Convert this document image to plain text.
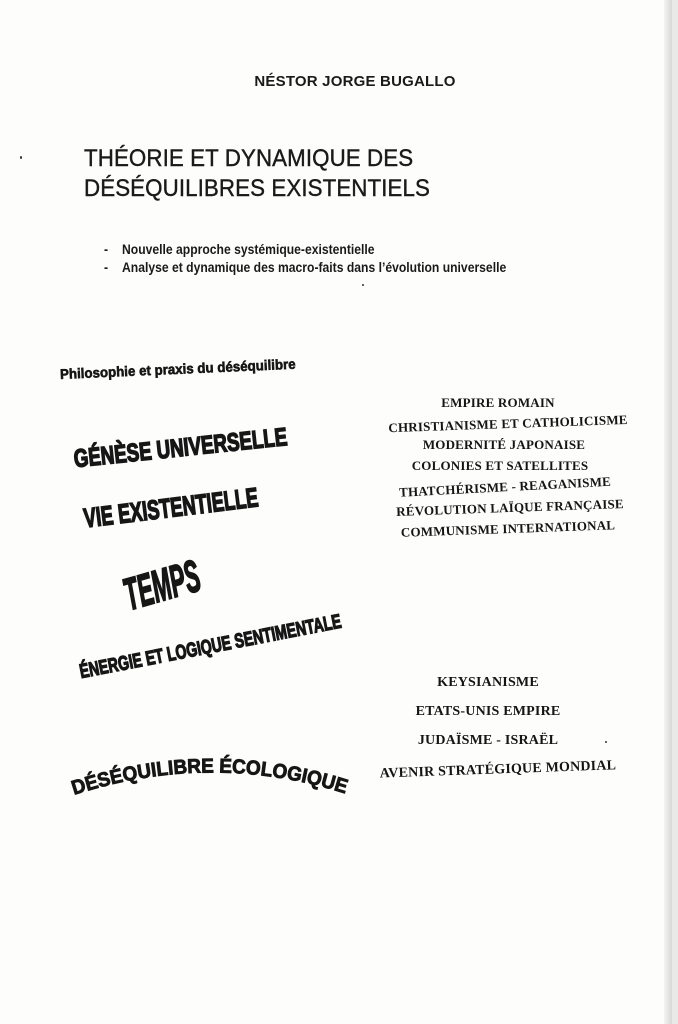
NÉSTOR JORGE BUGALLO
THÉORIE ET DYNAMIQUE DES
DÉSÉQUILIBRES EXISTENTIELS
- Nouvelle approche systémique-existentielle
- Analyse et dynamique des macro-faits dans l’évolution universelle
Philosophie et praxis du déséquilibre
GÉNÈSE UNIVERSELLE
VIE EXISTENTIELLE
TEMPS
ÉNERGIE ET LOGIQUE SENTIMENTALE
DÉSÉQUILIBRE ÉCOLOGIQUE
EMPIRE ROMAIN
CHRISTIANISME ET CATHOLICISME
MODERNITÉ JAPONAISE
COLONIES ET SATELLITES
THATCHÉRISME - REAGANISME
RÉVOLUTION LAÏQUE FRANÇAISE
COMMUNISME INTERNATIONAL
KEYSIANISME
ETATS-UNIS EMPIRE
JUDAÏSME - ISRAËL
AVENIR STRATÉGIQUE MONDIAL
